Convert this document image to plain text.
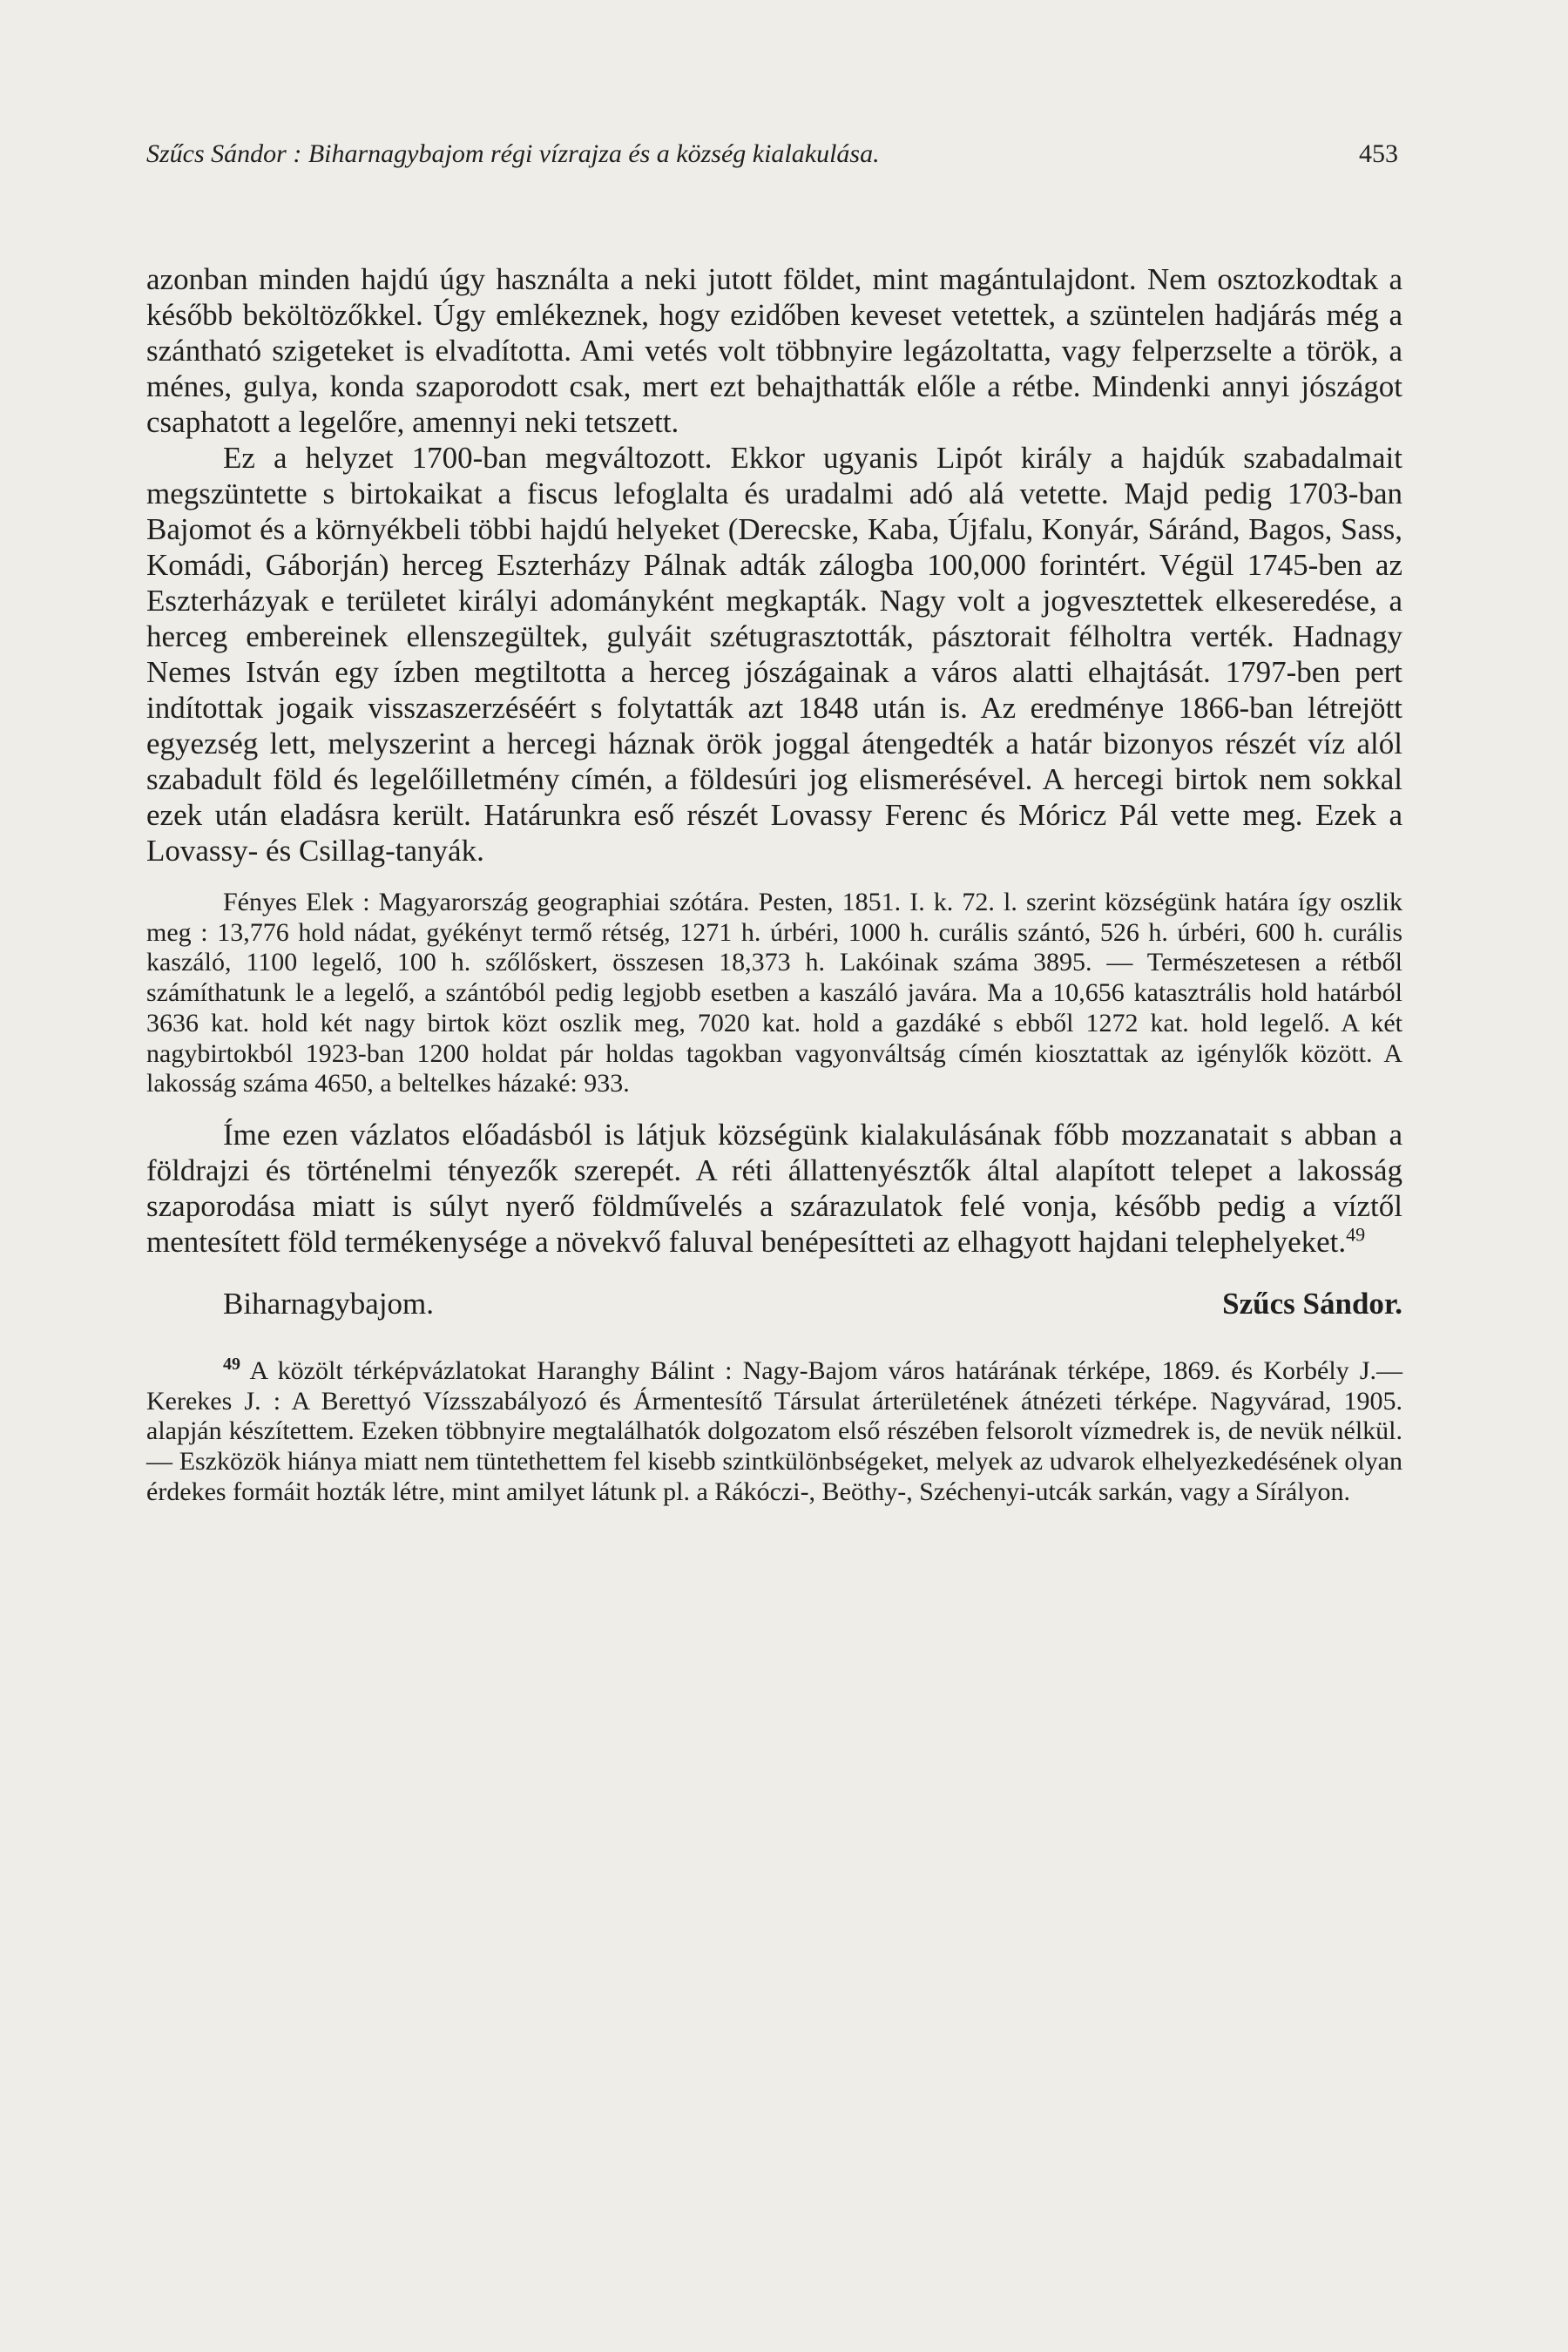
Szűcs Sándor : Biharnagybajom régi vízrajza és a község kialakulása.	453

azonban minden hajdú úgy használta a neki jutott földet, mint magántulajdont. Nem osztozkodtak a később beköltözőkkel. Úgy emlékeznek, hogy ezidőben keveset vetettek, a szüntelen hadjárás még a szántható szigeteket is elvadította. Ami vetés volt többnyire legázoltatta, vagy felperzselte a török, a ménes, gulya, konda szaporodott csak, mert ezt behajthatták előle a rétbe. Mindenki annyi jószágot csaphatott a legelőre, amennyi neki tetszett.

Ez a helyzet 1700-ban megváltozott. Ekkor ugyanis Lipót király a hajdúk szabadalmait megszüntette s birtokaikat a fiscus lefoglalta és uradalmi adó alá vetette. Majd pedig 1703-ban Bajomot és a környékbeli többi hajdú helyeket (Derecske, Kaba, Újfalu, Konyár, Sáránd, Bagos, Sass, Komádi, Gáborján) herceg Eszterházy Pálnak adták zálogba 100,000 forintért. Végül 1745-ben az Eszterházyak e területet királyi adományként megkapták. Nagy volt a jogvesztettek elkeseredése, a herceg embereinek ellenszegültek, gulyáit szétugrasztották, pásztorait félholtra verték. Hadnagy Nemes István egy ízben megtiltotta a herceg jószágainak a város alatti elhajtását. 1797-ben pert indítottak jogaik visszaszerzéséért s folytatták azt 1848 után is. Az eredménye 1866-ban létrejött egyezség lett, melyszerint a hercegi háznak örök joggal átengedték a határ bizonyos részét víz alól szabadult föld és legelőilletmény címén, a földesúri jog elismerésével. A hercegi birtok nem sokkal ezek után eladásra került. Határunkra eső részét Lovassy Ferenc és Móricz Pál vette meg. Ezek a Lovassy- és Csillag-tanyák.

Fényes Elek : Magyarország geographiai szótára. Pesten, 1851. I. k. 72. l. szerint községünk határa így oszlik meg : 13,776 hold nádat, gyékényt termő rétség, 1271 h. úrbéri, 1000 h. curális szántó, 526 h. úrbéri, 600 h. curális kaszáló, 1100 legelő, 100 h. szőlőskert, összesen 18,373 h. Lakóinak száma 3895. — Természetesen a rétből számíthatunk le a legelő, a szántóból pedig legjobb esetben a kaszáló javára. Ma a 10,656 katasztrális hold határból 3636 kat. hold két nagy birtok közt oszlik meg, 7020 kat. hold a gazdáké s ebből 1272 kat. hold legelő. A két nagybirtokból 1923-ban 1200 holdat pár holdas tagokban vagyonváltság címén kiosztattak az igénylők között. A lakosság száma 4650, a beltelkes házaké: 933.

Íme ezen vázlatos előadásból is látjuk községünk kialakulásának főbb mozzanatait s abban a földrajzi és történelmi tényezők szerepét. A réti állattenyésztők által alapított telepet a lakosság szaporodása miatt is súlyt nyerő földművelés a szárazulatok felé vonja, később pedig a víztől mentesített föld termékenysége a növekvő faluval benépesítteti az elhagyott hajdani telephelyeket.$^{49}$

Biharnagybajom.	Szűcs Sándor.

$^{49}$ A közölt térképvázlatokat Haranghy Bálint : Nagy-Bajom város határának térképe, 1869. és Korbély J.—Kerekes J. : A Berettyó Vízsszabályozó és Ármentesítő Társulat árterületének átnézeti térképe. Nagyvárad, 1905. alapján készítettem. Ezeken többnyire megtalálhatók dolgozatom első részében felsorolt vízmedrek is, de nevük nélkül. — Eszközök hiánya miatt nem tüntethettem fel kisebb szintkülönbségeket, melyek az udvarok elhelyezkedésének olyan érdekes formáit hozták létre, mint amilyet látunk pl. a Rákóczi-, Beöthy-, Széchenyi-utcák sarkán, vagy a Sírályon.
